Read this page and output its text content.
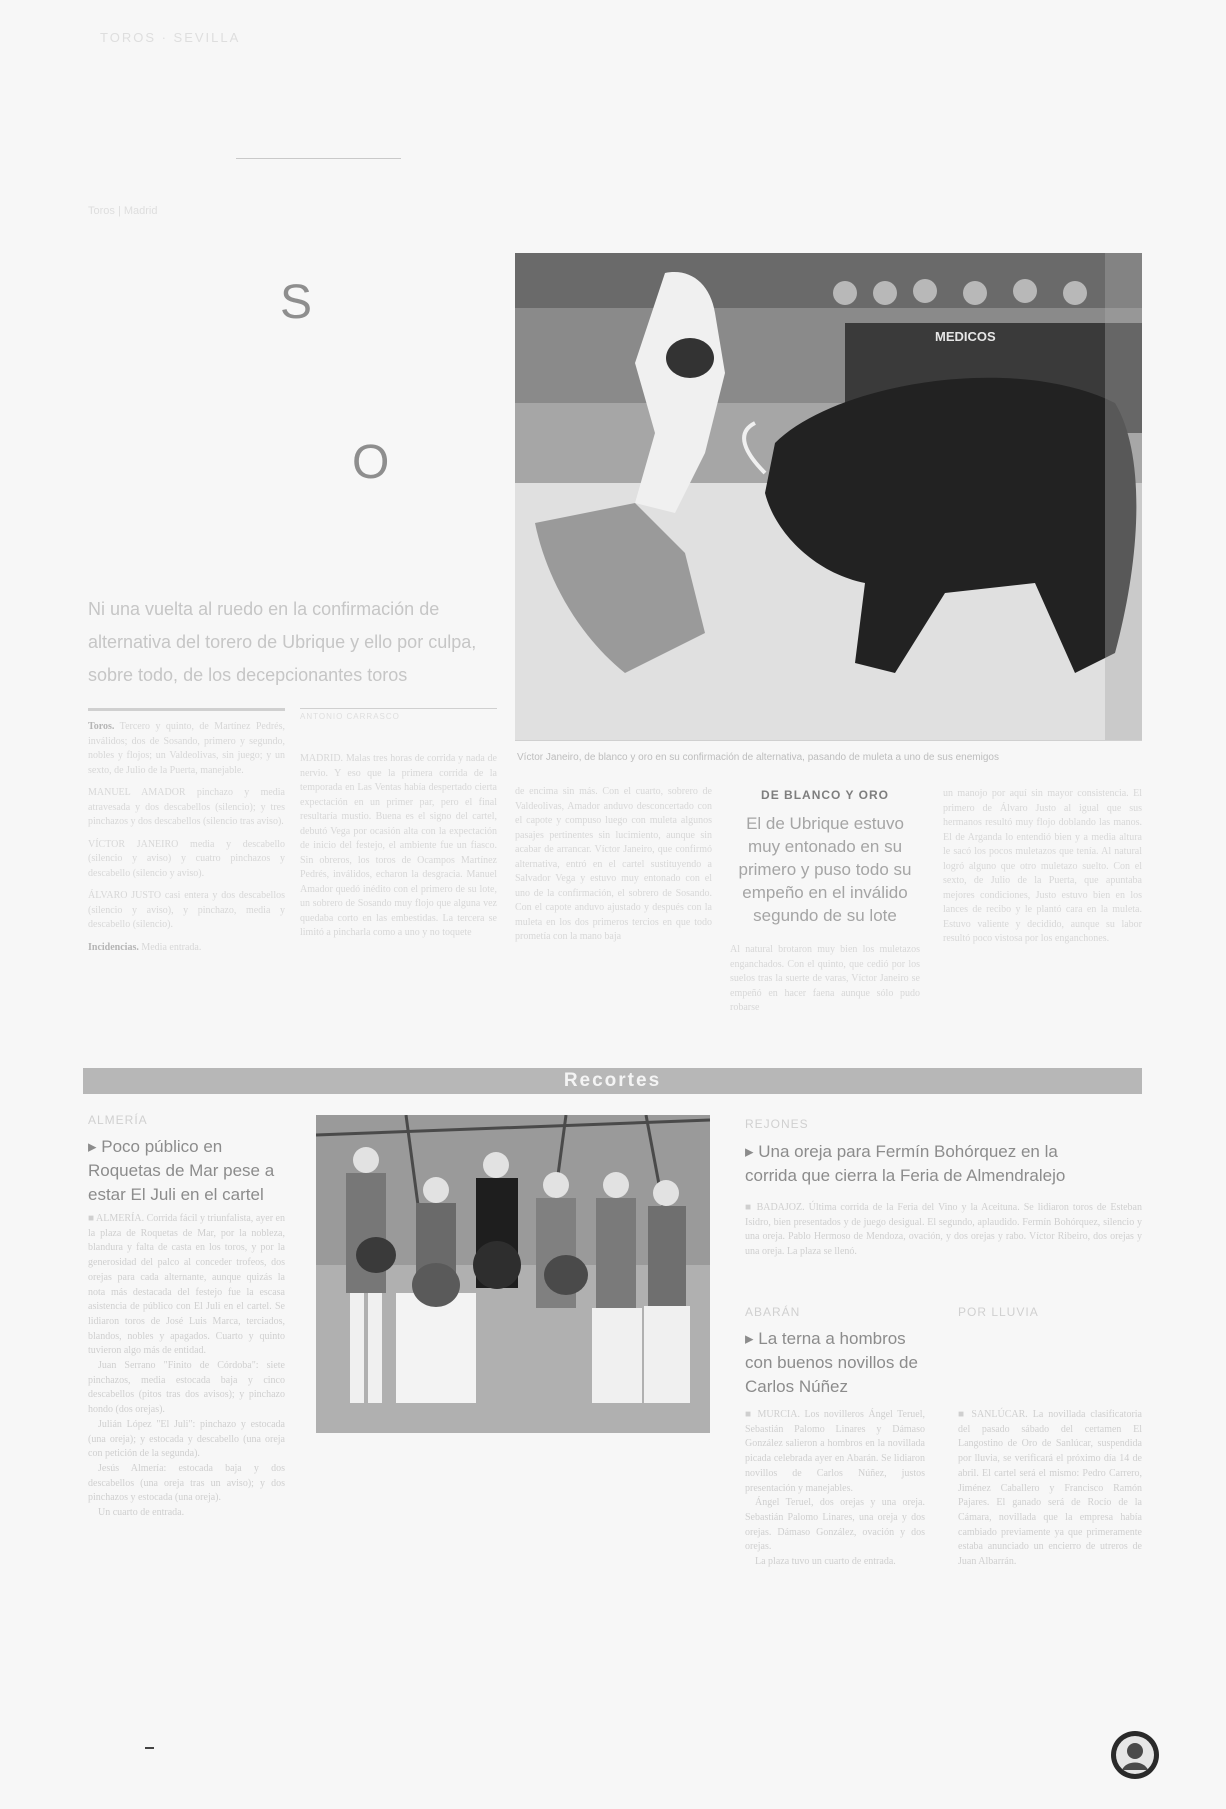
TOROS · SEVILLA
Toros | Madrid
S
O
Ni una vuelta al ruedo en la confirmación de alternativa del torero de Ubrique y ello por culpa, sobre todo, de los decepcionantes toros
MEDICOS
Víctor Janeiro, de blanco y oro en su confirmación de alternativa, pasando de muleta a uno de sus enemigos

Toros. Tercero y quinto, de Martínez Pedrés, inválidos; dos de Sosando, primero y segundo, nobles y flojos; un Valdeolivas, sin juego; y un sexto, de Julio de la Puerta, manejable.

MANUEL AMADOR pinchazo y media atravesada y dos descabellos (silencio); y tres pinchazos y dos descabellos (silencio tras aviso).

VÍCTOR JANEIRO media y descabello (silencio y aviso) y cuatro pinchazos y descabello (silencio y aviso).

ÁLVARO JUSTO casi entera y dos descabellos (silencio y aviso), y pinchazo, media y descabello (silencio).

Incidencias. Media entrada.

ANTONIO CARRASCO
MADRID. Malas tres horas de corrida y nada de nervio. Y eso que la primera corrida de la temporada en Las Ventas había despertado cierta expectación en un primer par, pero el final resultaría mustio. Buena es el signo del cartel, debutó Vega por ocasión alta con la expectación de inicio del festejo, el ambiente fue un fiasco. Sin obreros, los toros de Ocampos Martínez Pedrés, inválidos, echaron la desgracia. Manuel Amador quedó inédito con el primero de su lote, un sobrero de Sosando muy flojo que alguna vez quedaba corto en las embestidas. La tercera se limitó a pincharla como a uno y no toquete
de encima sin más. Con el cuarto, sobrero de Valdeolivas, Amador anduvo desconcertado con el capote y compuso luego con muleta algunos pasajes pertinentes sin lucimiento, aunque sin acabar de arrancar. Víctor Janeiro, que confirmó alternativa, entró en el cartel sustituyendo a Salvador Vega y estuvo muy entonado con el uno de la confirmación, el sobrero de Sosando. Con el capote anduvo ajustado y después con la muleta en los dos primeros tercios en que todo prometía con la mano baja
DE BLANCO Y ORO
El de Ubrique estuvo muy entonado en su primero y puso todo su empeño en el inválido segundo de su lote
Al natural brotaron muy bien los muletazos enganchados. Con el quinto, que cedió por los suelos tras la suerte de varas, Víctor Janeiro se empeñó en hacer faena aunque sólo pudo robarse
un manojo por aquí sin mayor consistencia. El primero de Álvaro Justo al igual que sus hermanos resultó muy flojo doblando las manos. El de Arganda lo entendió bien y a media altura le sacó los pocos muletazos que tenía. Al natural logró alguno que otro muletazo suelto. Con el sexto, de Julio de la Puerta, que apuntaba mejores condiciones, Justo estuvo bien en los lances de recibo y le plantó cara en la muleta. Estuvo valiente y decidido, aunque su labor resultó poco vistosa por los enganchones.
Recortes
ALMERÍA
▸ Poco público en Roquetas de Mar pese a estar El Juli en el cartel

■ ALMERÍA. Corrida fácil y triunfalista, ayer en la plaza de Roquetas de Mar, por la nobleza, blandura y falta de casta en los toros, y por la generosidad del palco al conceder trofeos, dos orejas para cada alternante, aunque quizás la nota más destacada del festejo fue la escasa asistencia de público con El Juli en el cartel. Se lidiaron toros de José Luis Marca, terciados, blandos, nobles y apagados. Cuarto y quinto tuvieron algo más de entidad.

Juan Serrano "Finito de Córdoba": siete pinchazos, media estocada baja y cinco descabellos (pitos tras dos avisos); y pinchazo hondo (dos orejas).

Julián López "El Juli": pinchazo y estocada (una oreja); y estocada y descabello (una oreja con petición de la segunda).

Jesús Almería: estocada baja y dos descabellos (una oreja tras un aviso); y dos pinchazos y estocada (una oreja).

Un cuarto de entrada.

REJONES
▸ Una oreja para Fermín Bohórquez en la corrida que cierra la Feria de Almendralejo
■ BADAJOZ. Última corrida de la Feria del Vino y la Aceituna. Se lidiaron toros de Esteban Isidro, bien presentados y de juego desigual. El segundo, aplaudido. Fermín Bohórquez, silencio y una oreja. Pablo Hermoso de Mendoza, ovación, y dos orejas y rabo. Víctor Ribeiro, dos orejas y una oreja. La plaza se llenó.
ABARÁN
▸ La terna a hombros con buenos novillos de Carlos Núñez

■ MURCIA. Los novilleros Ángel Teruel, Sebastián Palomo Linares y Dámaso González salieron a hombros en la novillada picada celebrada ayer en Abarán. Se lidiaron novillos de Carlos Núñez, justos presentación y manejables.

Ángel Teruel, dos orejas y una oreja. Sebastián Palomo Linares, una oreja y dos orejas. Dámaso González, ovación y dos orejas.

La plaza tuvo un cuarto de entrada.

POR LLUVIA
■ SANLÚCAR. La novillada clasificatoria del pasado sábado del certamen El Langostino de Oro de Sanlúcar, suspendida por lluvia, se verificará el próximo día 14 de abril. El cartel será el mismo: Pedro Carrero, Jiménez Caballero y Francisco Ramón Pajares. El ganado será de Rocío de la Cámara, novillada que la empresa había cambiado previamente ya que primeramente estaba anunciado un encierro de utreros de Juan Albarrán.
